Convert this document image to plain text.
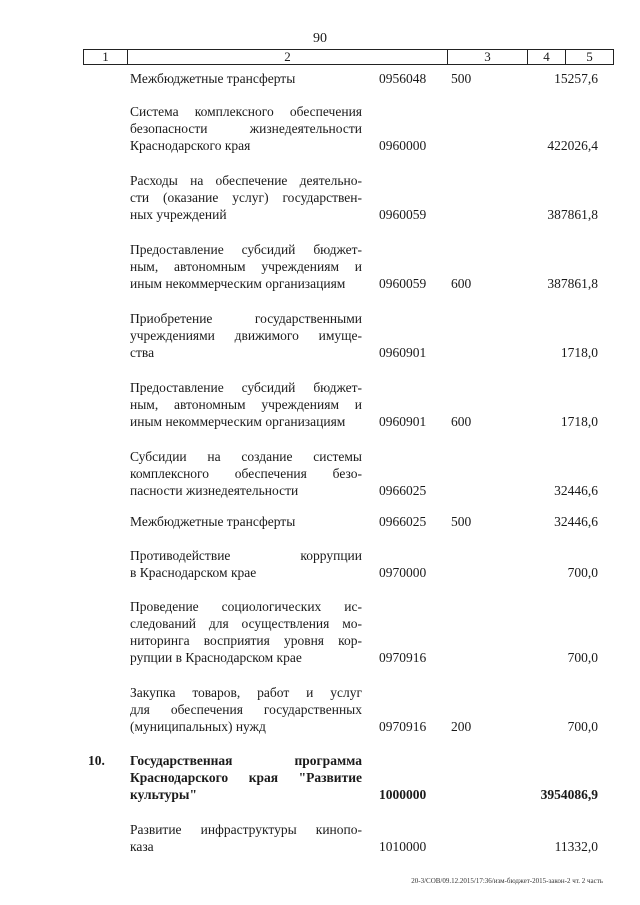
90
1	2	3	4	5
Межбюджетные трансферты	0956048	500	15257,6
Система комплексного обеспечения
безопасности жизнедеятельности
Краснодарского края	0960000	422026,4
Расходы на обеспечение деятельно-
сти (оказание услуг) государствен-
ных учреждений	0960059	387861,8
Предоставление субсидий бюджет-
ным, автономным учреждениям и
иным некоммерческим организациям	0960059	600	387861,8
Приобретение государственными
учреждениями движимого имуще-
ства	0960901	1718,0
Предоставление субсидий бюджет-
ным, автономным учреждениям и
иным некоммерческим организациям	0960901	600	1718,0
Субсидии на создание системы
комплексного обеспечения безо-
пасности жизнедеятельности	0966025	32446,6
Межбюджетные трансферты	0966025	500	32446,6
Противодействие коррупции
в Краснодарском крае	0970000	700,0
Проведение социологических ис-
следований для осуществления мо-
ниторинга восприятия уровня кор-
рупции в Краснодарском крае	0970916	700,0
Закупка товаров, работ и услуг
для обеспечения государственных
(муниципальных) нужд	0970916	200	700,0
10.	Государственная программа
Краснодарского края "Развитие
культуры"	1000000	3954086,9
Развитие инфраструктуры кинопо-
каза	1010000	11332,0
20-3/СОВ/09.12.2015/17:36/изм-бюджет-2015-закон-2 чт. 2 часть
